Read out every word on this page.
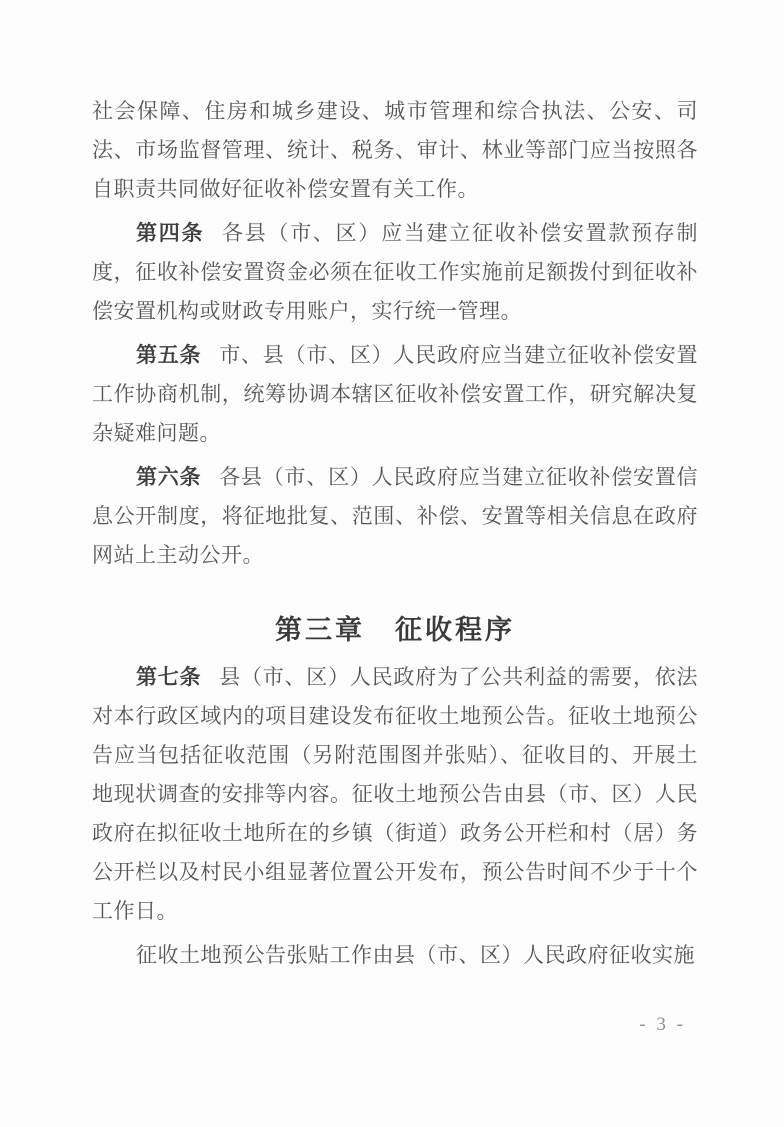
社会保障、住房和城乡建设、城市管理和综合执法、公安、司法、市场监督管理、统计、税务、审计、林业等部门应当按照各自职责共同做好征收补偿安置有关工作。

第四条 各县（市、区）应当建立征收补偿安置款预存制度，征收补偿安置资金必须在征收工作实施前足额拨付到征收补偿安置机构或财政专用账户，实行统一管理。

第五条 市、县（市、区）人民政府应当建立征收补偿安置工作协商机制，统筹协调本辖区征收补偿安置工作，研究解决复杂疑难问题。

第六条 各县（市、区）人民政府应当建立征收补偿安置信息公开制度，将征地批复、范围、补偿、安置等相关信息在政府网站上主动公开。

第三章　征收程序

第七条 县（市、区）人民政府为了公共利益的需要，依法对本行政区域内的项目建设发布征收土地预公告。征收土地预公告应当包括征收范围（另附范围图并张贴）、征收目的、开展土地现状调查的安排等内容。征收土地预公告由县（市、区）人民政府在拟征收土地所在的乡镇（街道）政务公开栏和村（居）务公开栏以及村民小组显著位置公开发布，预公告时间不少于十个工作日。

征收土地预公告张贴工作由县（市、区）人民政府征收实施

- 3 -
